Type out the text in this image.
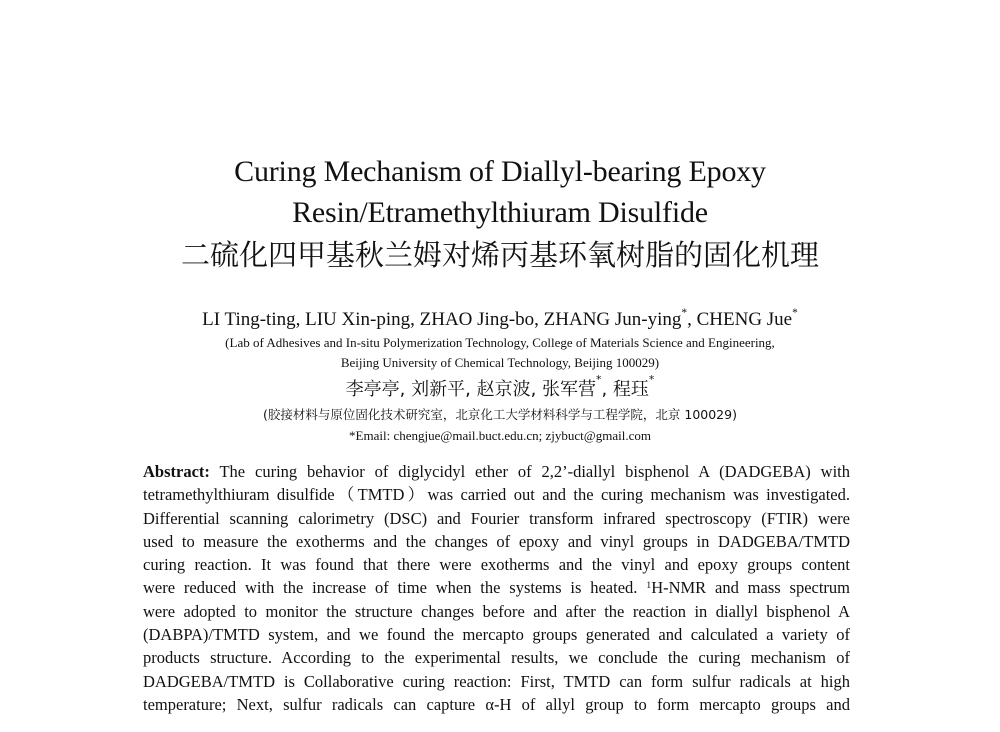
Curing Mechanism of Diallyl-bearing Epoxy
Resin/Etramethylthiuram Disulfide
二硫化四甲基秋兰姆对烯丙基环氧树脂的固化机理
LI Ting-ting, LIU Xin-ping, ZHAO Jing-bo, ZHANG Jun-ying*, CHENG Jue*
(Lab of Adhesives and In-situ Polymerization Technology, College of Materials Science and Engineering,
Beijing University of Chemical Technology, Beijing 100029)
李亭亭, 刘新平, 赵京波, 张军营*, 程珏*
(胶接材料与原位固化技术研究室，北京化工大学材料科学与工程学院，北京 100029)
*Email: chengjue@mail.buct.edu.cn; zjybuct@gmail.com
Abstract: The curing behavior of diglycidyl ether of 2,2’-diallyl bisphenol A (DADGEBA) with
tetramethylthiuram disulfide（TMTD）was carried out and the curing mechanism was investigated.
Differential scanning calorimetry (DSC) and Fourier transform infrared spectroscopy (FTIR) were
used to measure the exotherms and the changes of epoxy and vinyl groups in DADGEBA/TMTD
curing reaction. It was found that there were exotherms and the vinyl and epoxy groups content
were reduced with the increase of time when the systems is heated. $^1$H-NMR and mass spectrum
were adopted to monitor the structure changes before and after the reaction in diallyl bisphenol A
(DABPA)/TMTD system, and we found the mercapto groups generated and calculated a variety of
products structure. According to the experimental results, we conclude the curing mechanism of
DADGEBA/TMTD is Collaborative curing reaction: First, TMTD can form sulfur radicals at high
temperature; Next, sulfur radicals can capture α-H of allyl group to form mercapto groups and
